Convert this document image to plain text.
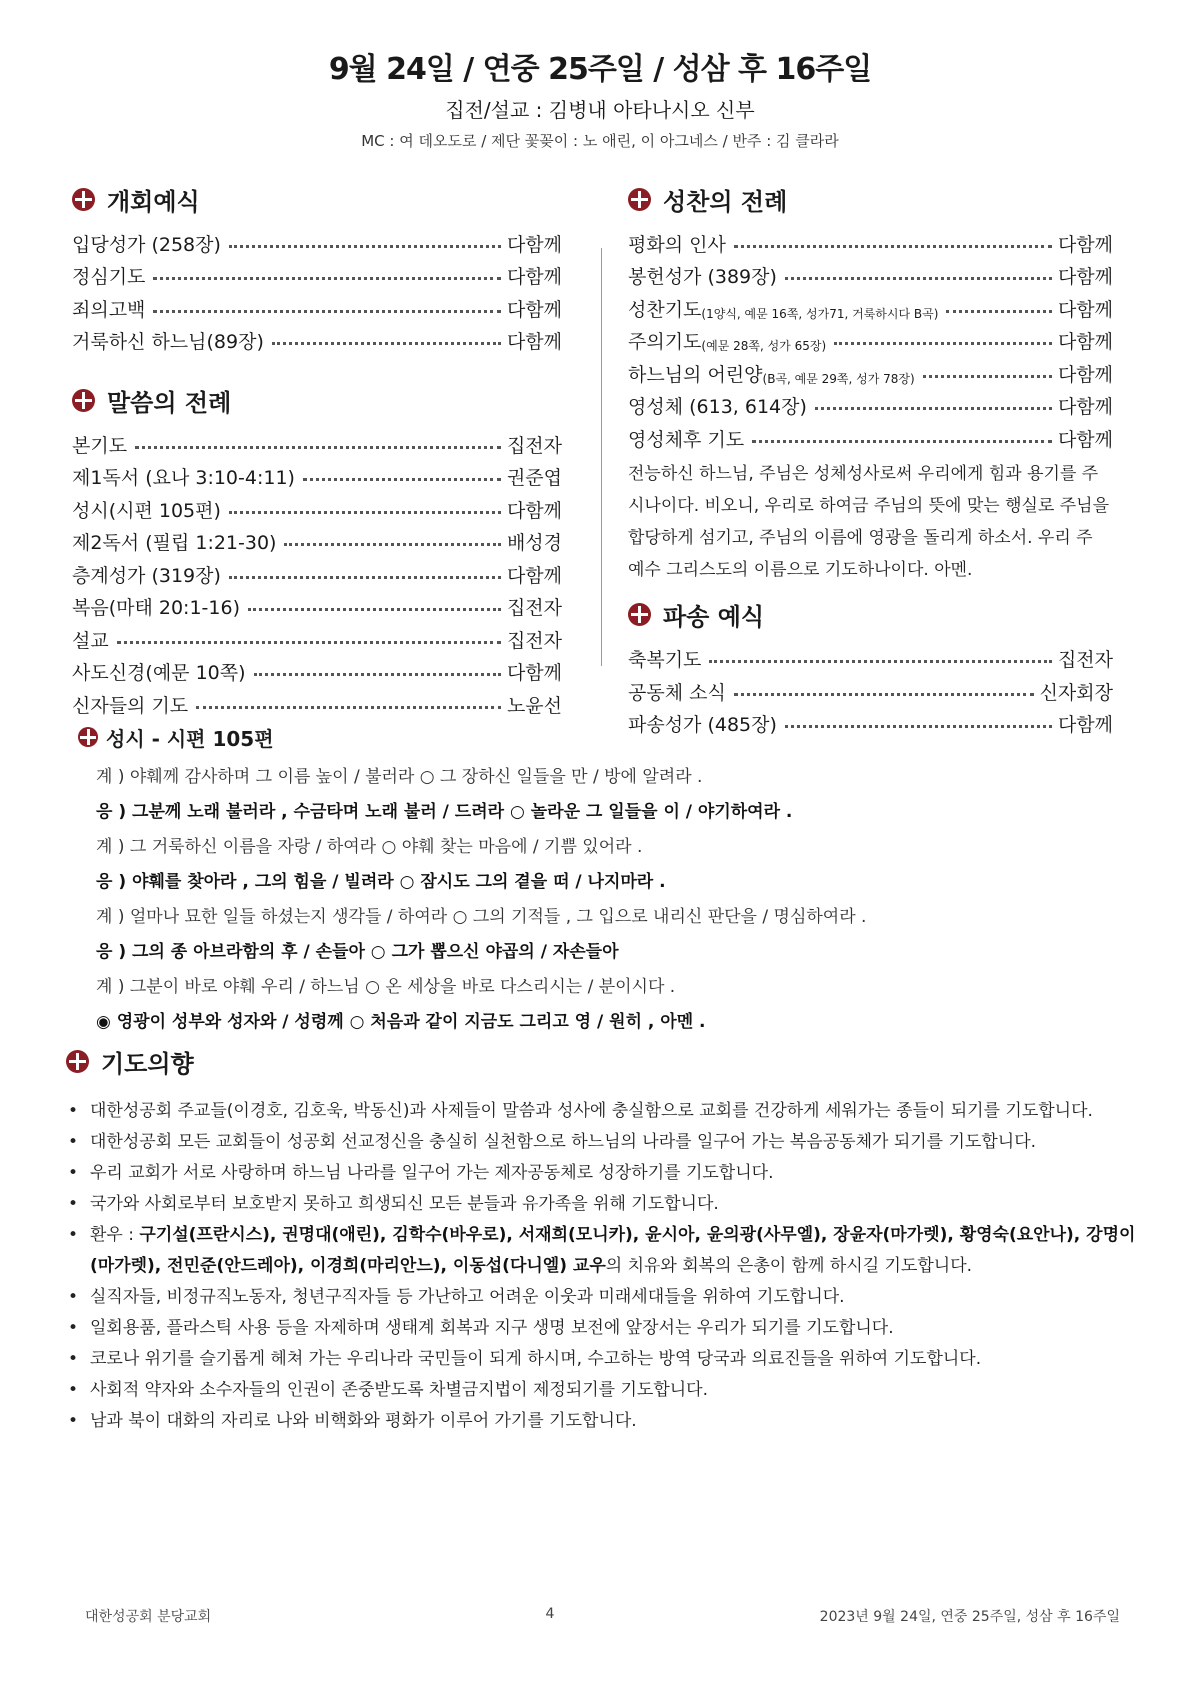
9월 24일 / 연중 25주일 / 성삼 후 16주일
집전/설교 : 김병내 아타나시오 신부
MC : 여 데오도로 / 제단 꽃꽂이 : 노 애린, 이 아그네스 / 반주 : 김 클라라
개회예식
입당성가 (258장)	다함께
정심기도	다함께
죄의고백	다함께
거룩하신 하느님(89장)	다함께
말씀의 전례
본기도	집전자
제1독서 (요나 3:10-4:11)	권준엽
성시(시편 105편)	다함께
제2독서 (필립 1:21-30)	배성경
층계성가 (319장)	다함께
복음(마태 20:1-16)	집전자
설교	집전자
사도신경(예문 10쪽)	다함께
신자들의 기도	노윤선
성찬의 전례
평화의 인사	다함께
봉헌성가 (389장)	다함께
성찬기도 (1양식, 예문 16쪽, 성가71, 거룩하시다 B곡)	다함께
주의기도 (예문 28쪽, 성가 65장)	다함께
하느님의 어린양 (B곡, 예문 29쪽, 성가 78장)	다함께
영성체 (613, 614장)	다함께
영성체후 기도	다함께
전능하신 하느님, 주님은 성체성사로써 우리에게 힘과 용기를 주시나이다. 비오니, 우리로 하여금 주님의 뜻에 맞는 행실로 주님을 합당하게 섬기고, 주님의 이름에 영광을 돌리게 하소서. 우리 주 예수 그리스도의 이름으로 기도하나이다. 아멘.
파송 예식
축복기도	집전자
공동체 소식	신자회장
파송성가 (485장)	다함께
성시 - 시편 105편
계 ) 야훼께 감사하며 그 이름 높이 / 불러라 ○ 그 장하신 일들을 만 / 방에 알려라 .
응 ) 그분께 노래 불러라 , 수금타며 노래 불러 / 드려라 ○ 놀라운 그 일들을 이 / 야기하여라 .
계 ) 그 거룩하신 이름을 자랑 / 하여라 ○ 야훼 찾는 마음에 / 기쁨 있어라 .
응 ) 야훼를 찾아라 , 그의 힘을 / 빌려라 ○ 잠시도 그의 곁을 떠 / 나지마라 .
계 ) 얼마나 묘한 일들 하셨는지 생각들 / 하여라 ○ 그의 기적들 , 그 입으로 내리신 판단을 / 명심하여라 .
응 ) 그의 종 아브라함의 후 / 손들아 ○ 그가 뽑으신 야곱의 / 자손들아
계 ) 그분이 바로 야훼 우리 / 하느님 ○ 온 세상을 바로 다스리시는 / 분이시다 .
◉ 영광이 성부와 성자와 / 성령께 ○ 처음과 같이 지금도 그리고 영 / 원히 , 아멘 .
기도의향
• 대한성공회 주교들(이경호, 김호욱, 박동신)과 사제들이 말씀과 성사에 충실함으로 교회를 건강하게 세워가는 종들이 되기를 기도합니다.
• 대한성공회 모든 교회들이 성공회 선교정신을 충실히 실천함으로 하느님의 나라를 일구어 가는 복음공동체가 되기를 기도합니다.
• 우리 교회가 서로 사랑하며 하느님 나라를 일구어 가는 제자공동체로 성장하기를 기도합니다.
• 국가와 사회로부터 보호받지 못하고 희생되신 모든 분들과 유가족을 위해 기도합니다.
• 환우 : 구기설(프란시스), 권명대(애린), 김학수(바우로), 서재희(모니카), 윤시아, 윤의광(사무엘), 장윤자(마가렛), 황영숙(요안나), 강명이(마가렛), 전민준(안드레아), 이경희(마리안느), 이동섭(다니엘) 교우의 치유와 회복의 은총이 함께 하시길 기도합니다.
• 실직자들, 비정규직노동자, 청년구직자들 등 가난하고 어려운 이웃과 미래세대들을 위하여 기도합니다.
• 일회용품, 플라스틱 사용 등을 자제하며 생태계 회복과 지구 생명 보전에 앞장서는 우리가 되기를 기도합니다.
• 코로나 위기를 슬기롭게 헤쳐 가는 우리나라 국민들이 되게 하시며, 수고하는 방역 당국과 의료진들을 위하여 기도합니다.
• 사회적 약자와 소수자들의 인권이 존중받도록 차별금지법이 제정되기를 기도합니다.
• 남과 북이 대화의 자리로 나와 비핵화와 평화가 이루어 가기를 기도합니다.
대한성공회 분당교회	4	2023년 9월 24일, 연중 25주일, 성삼 후 16주일
